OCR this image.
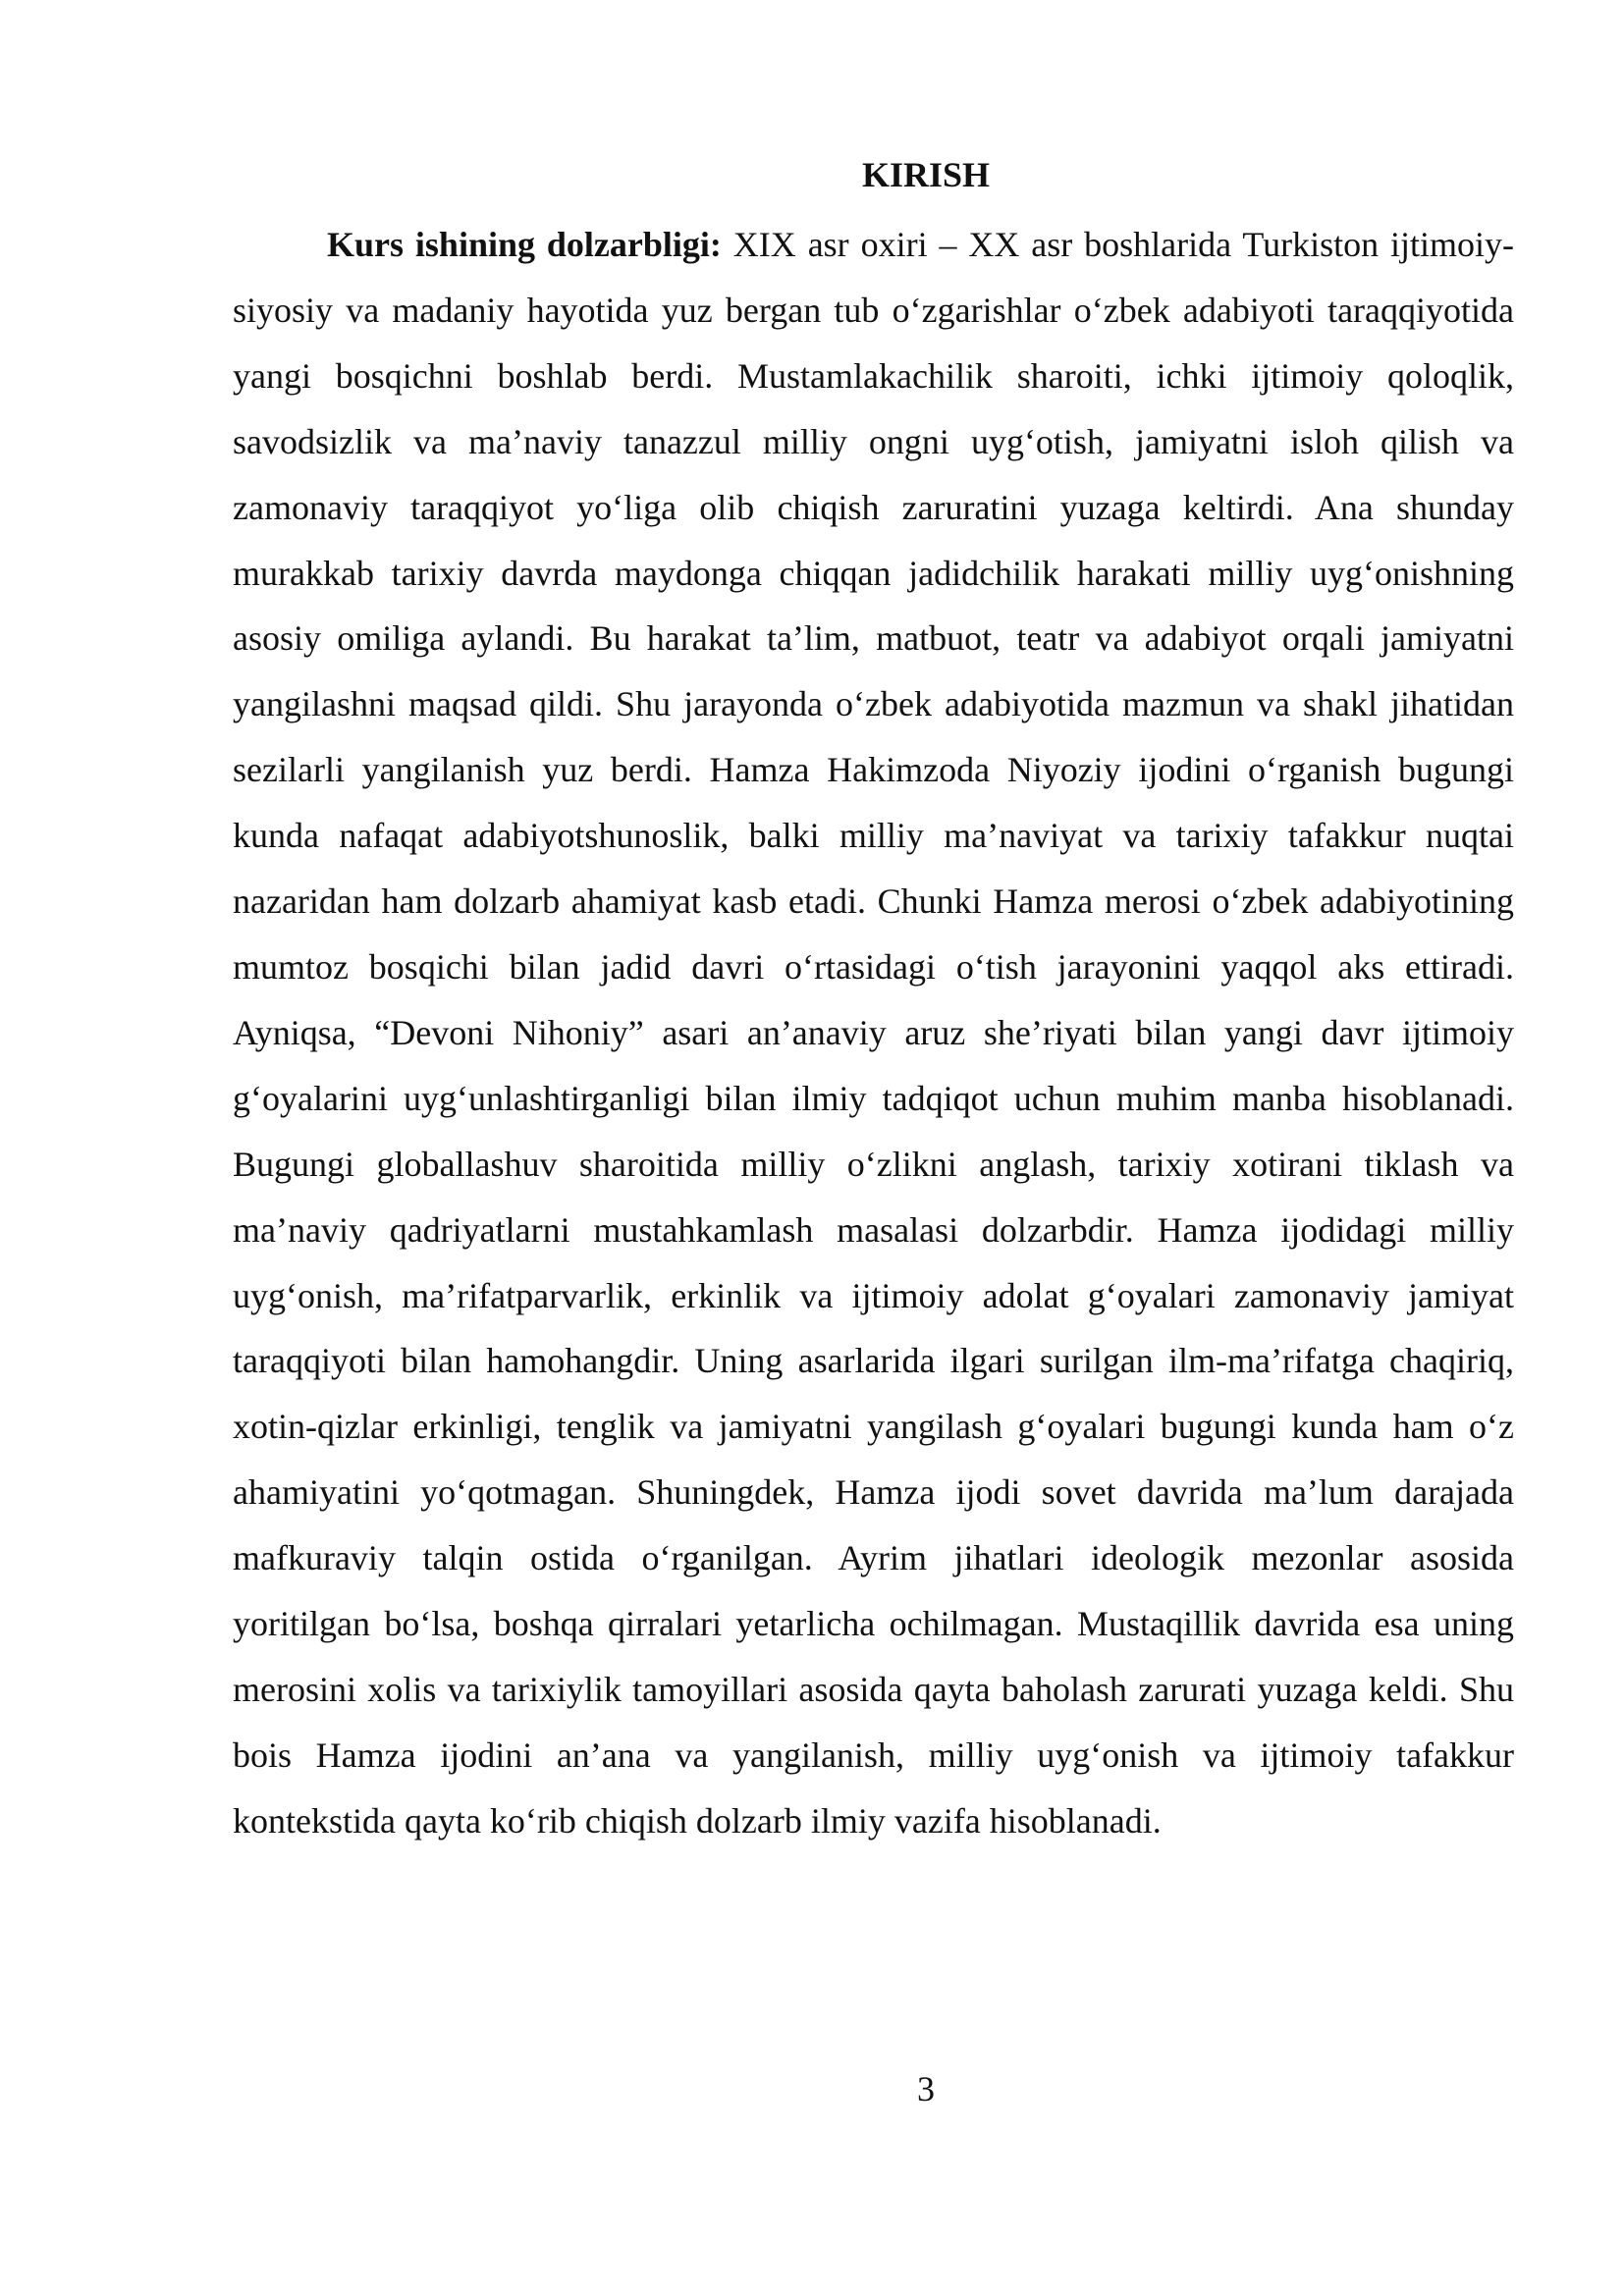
KIRISH

Kurs ishining dolzarbligi: XIX asr oxiri – XX asr boshlarida Turkiston ijtimoiy-siyosiy va madaniy hayotida yuz bergan tub o‘zgarishlar o‘zbek adabiyoti taraqqiyotida yangi bosqichni boshlab berdi. Mustamlakachilik sharoiti, ichki ijtimoiy qoloqlik, savodsizlik va ma’naviy tanazzul milliy ongni uyg‘otish, jamiyatni isloh qilish va zamonaviy taraqqiyot yo‘liga olib chiqish zaruratini yuzaga keltirdi. Ana shunday murakkab tarixiy davrda maydonga chiqqan jadidchilik harakati milliy uyg‘onishning asosiy omiliga aylandi. Bu harakat ta’lim, matbuot, teatr va adabiyot orqali jamiyatni yangilashni maqsad qildi. Shu jarayonda o‘zbek adabiyotida mazmun va shakl jihatidan sezilarli yangilanish yuz berdi. Hamza Hakimzoda Niyoziy ijodini o‘rganish bugungi kunda nafaqat adabiyotshunoslik, balki milliy ma’naviyat va tarixiy tafakkur nuqtai nazaridan ham dolzarb ahamiyat kasb etadi. Chunki Hamza merosi o‘zbek adabiyotining mumtoz bosqichi bilan jadid davri o‘rtasidagi o‘tish jarayonini yaqqol aks ettiradi. Ayniqsa, “Devoni Nihoniy” asari an’anaviy aruz she’riyati bilan yangi davr ijtimoiy g‘oyalarini uyg‘unlashtirganligi bilan ilmiy tadqiqot uchun muhim manba hisoblanadi. Bugungi globallashuv sharoitida milliy o‘zlikni anglash, tarixiy xotirani tiklash va ma’naviy qadriyatlarni mustahkamlash masalasi dolzarbdir. Hamza ijodidagi milliy uyg‘onish, ma’rifatparvarlik, erkinlik va ijtimoiy adolat g‘oyalari zamonaviy jamiyat taraqqiyoti bilan hamohangdir. Uning asarlarida ilgari surilgan ilm-ma’rifatga chaqiriq, xotin-qizlar erkinligi, tenglik va jamiyatni yangilash g‘oyalari bugungi kunda ham o‘z ahamiyatini yo‘qotmagan. Shuningdek, Hamza ijodi sovet davrida ma’lum darajada mafkuraviy talqin ostida o‘rganilgan. Ayrim jihatlari ideologik mezonlar asosida yoritilgan bo‘lsa, boshqa qirralari yetarlicha ochilmagan. Mustaqillik davrida esa uning merosini xolis va tarixiylik tamoyillari asosida qayta baholash zarurati yuzaga keldi. Shu bois Hamza ijodini an’ana va yangilanish, milliy uyg‘onish va ijtimoiy tafakkur kontekstida qayta ko‘rib chiqish dolzarb ilmiy vazifa hisoblanadi.

3
